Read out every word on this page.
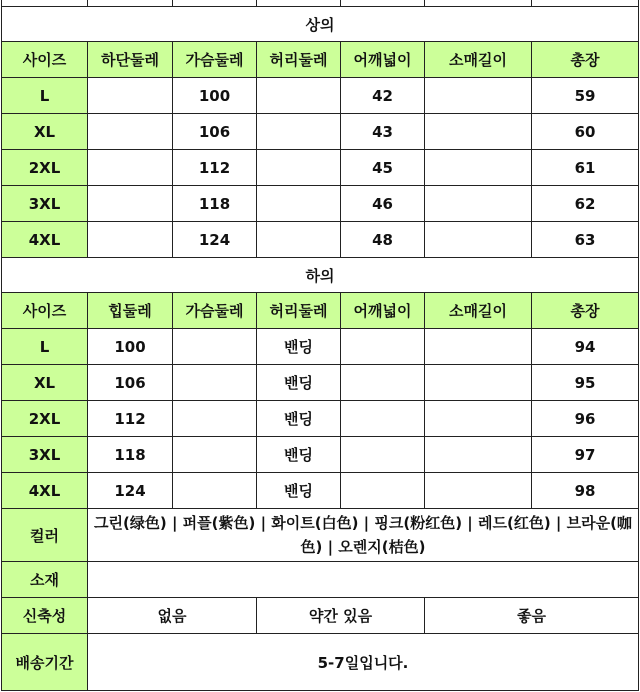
상의						
사이즈	하단둘레	가슴둘레	허리둘레	어깨넓이	소매길이	총장
L		100		42		59
XL		106		43		60
2XL		112		45		61
3XL		118		46		62
4XL		124		48		63
하의						
사이즈	힙둘레	가슴둘레	허리둘레	어깨넓이	소매길이	총장
L	100		밴딩			94
XL	106		밴딩			95
2XL	112		밴딩			96
3XL	118		밴딩			97
4XL	124		밴딩			98
컬러	그린(绿色) | 퍼플(紫色) | 화이트(白色) | 핑크(粉红色) | 레드(红色) | 브라운(咖色) | 오렌지(桔色)					
소재						
신축성	없음		약간 있음		좋음	
배송기간	5-7일입니다.					
